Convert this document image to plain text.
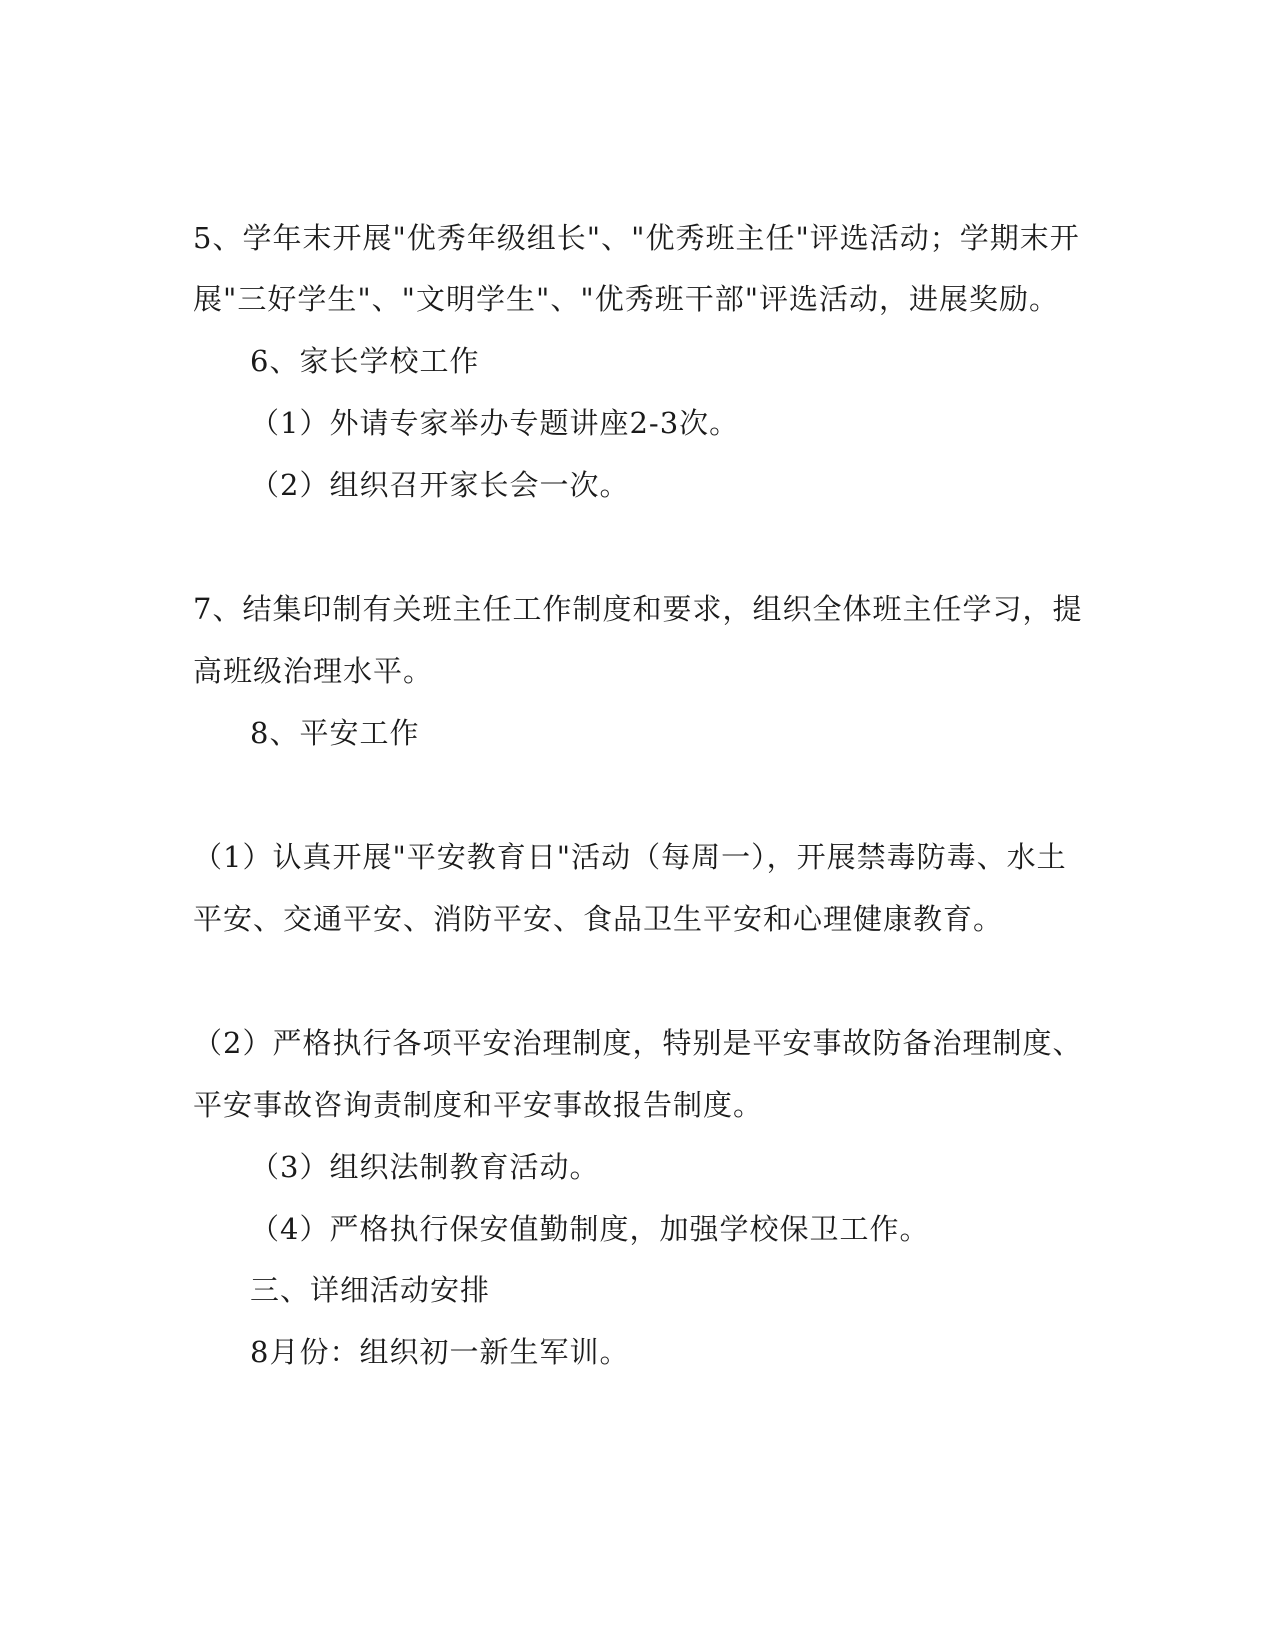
5、学年末开展"优秀年级组长"、"优秀班主任"评选活动；学期末开
展"三好学生"、"文明学生"、"优秀班干部"评选活动，进展奖励。
6、家长学校工作
（1）外请专家举办专题讲座2-3次。
（2）组织召开家长会一次。
7、结集印制有关班主任工作制度和要求，组织全体班主任学习，提
高班级治理水平。
8、平安工作
（1）认真开展"平安教育日"活动（每周一），开展禁毒防毒、水土
平安、交通平安、消防平安、食品卫生平安和心理健康教育。
（2）严格执行各项平安治理制度，特别是平安事故防备治理制度、
平安事故咨询责制度和平安事故报告制度。
（3）组织法制教育活动。
（4）严格执行保安值勤制度，加强学校保卫工作。
三、详细活动安排
8月份：组织初一新生军训。
